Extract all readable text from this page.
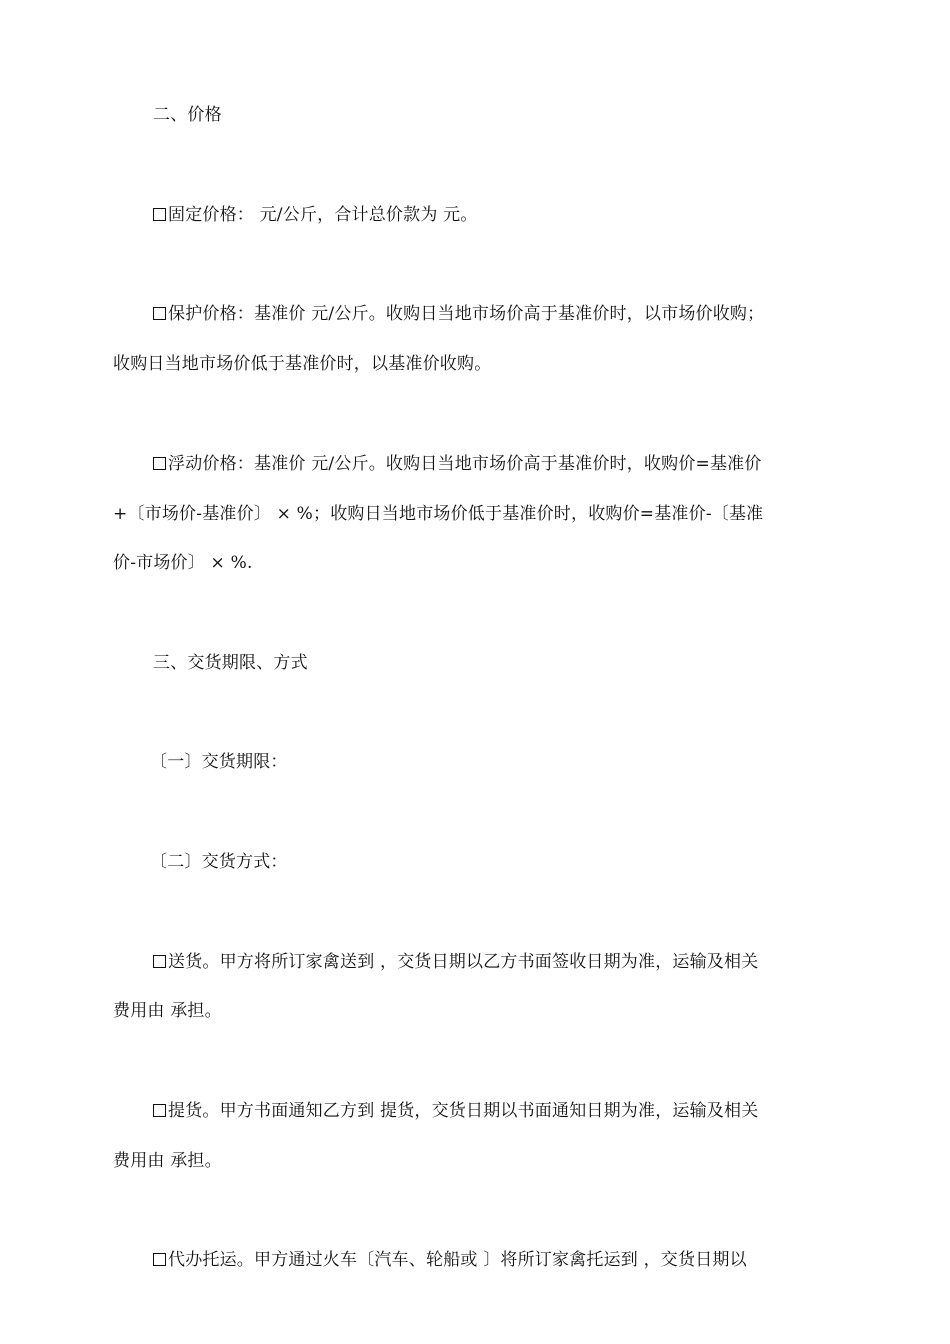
二、价格
固定价格： 元/公斤，合计总价款为 元。
保护价格：基准价 元/公斤。收购日当地市场价高于基准价时，以市场价收购；
收购日当地市场价低于基准价时，以基准价收购。
浮动价格：基准价 元/公斤。收购日当地市场价高于基准价时，收购价=基准价
+〔市场价-基准价〕 × %；收购日当地市场价低于基准价时，收购价=基准价-〔基准
价-市场价〕 × %.
三、交货期限、方式
〔一〕交货期限：
〔二〕交货方式：
送货。甲方将所订家禽送到 ，交货日期以乙方书面签收日期为准，运输及相关
费用由 承担。
提货。甲方书面通知乙方到 提货，交货日期以书面通知日期为准，运输及相关
费用由 承担。
代办托运。甲方通过火车〔汽车、轮船或 〕将所订家禽托运到 ，交货日期以
